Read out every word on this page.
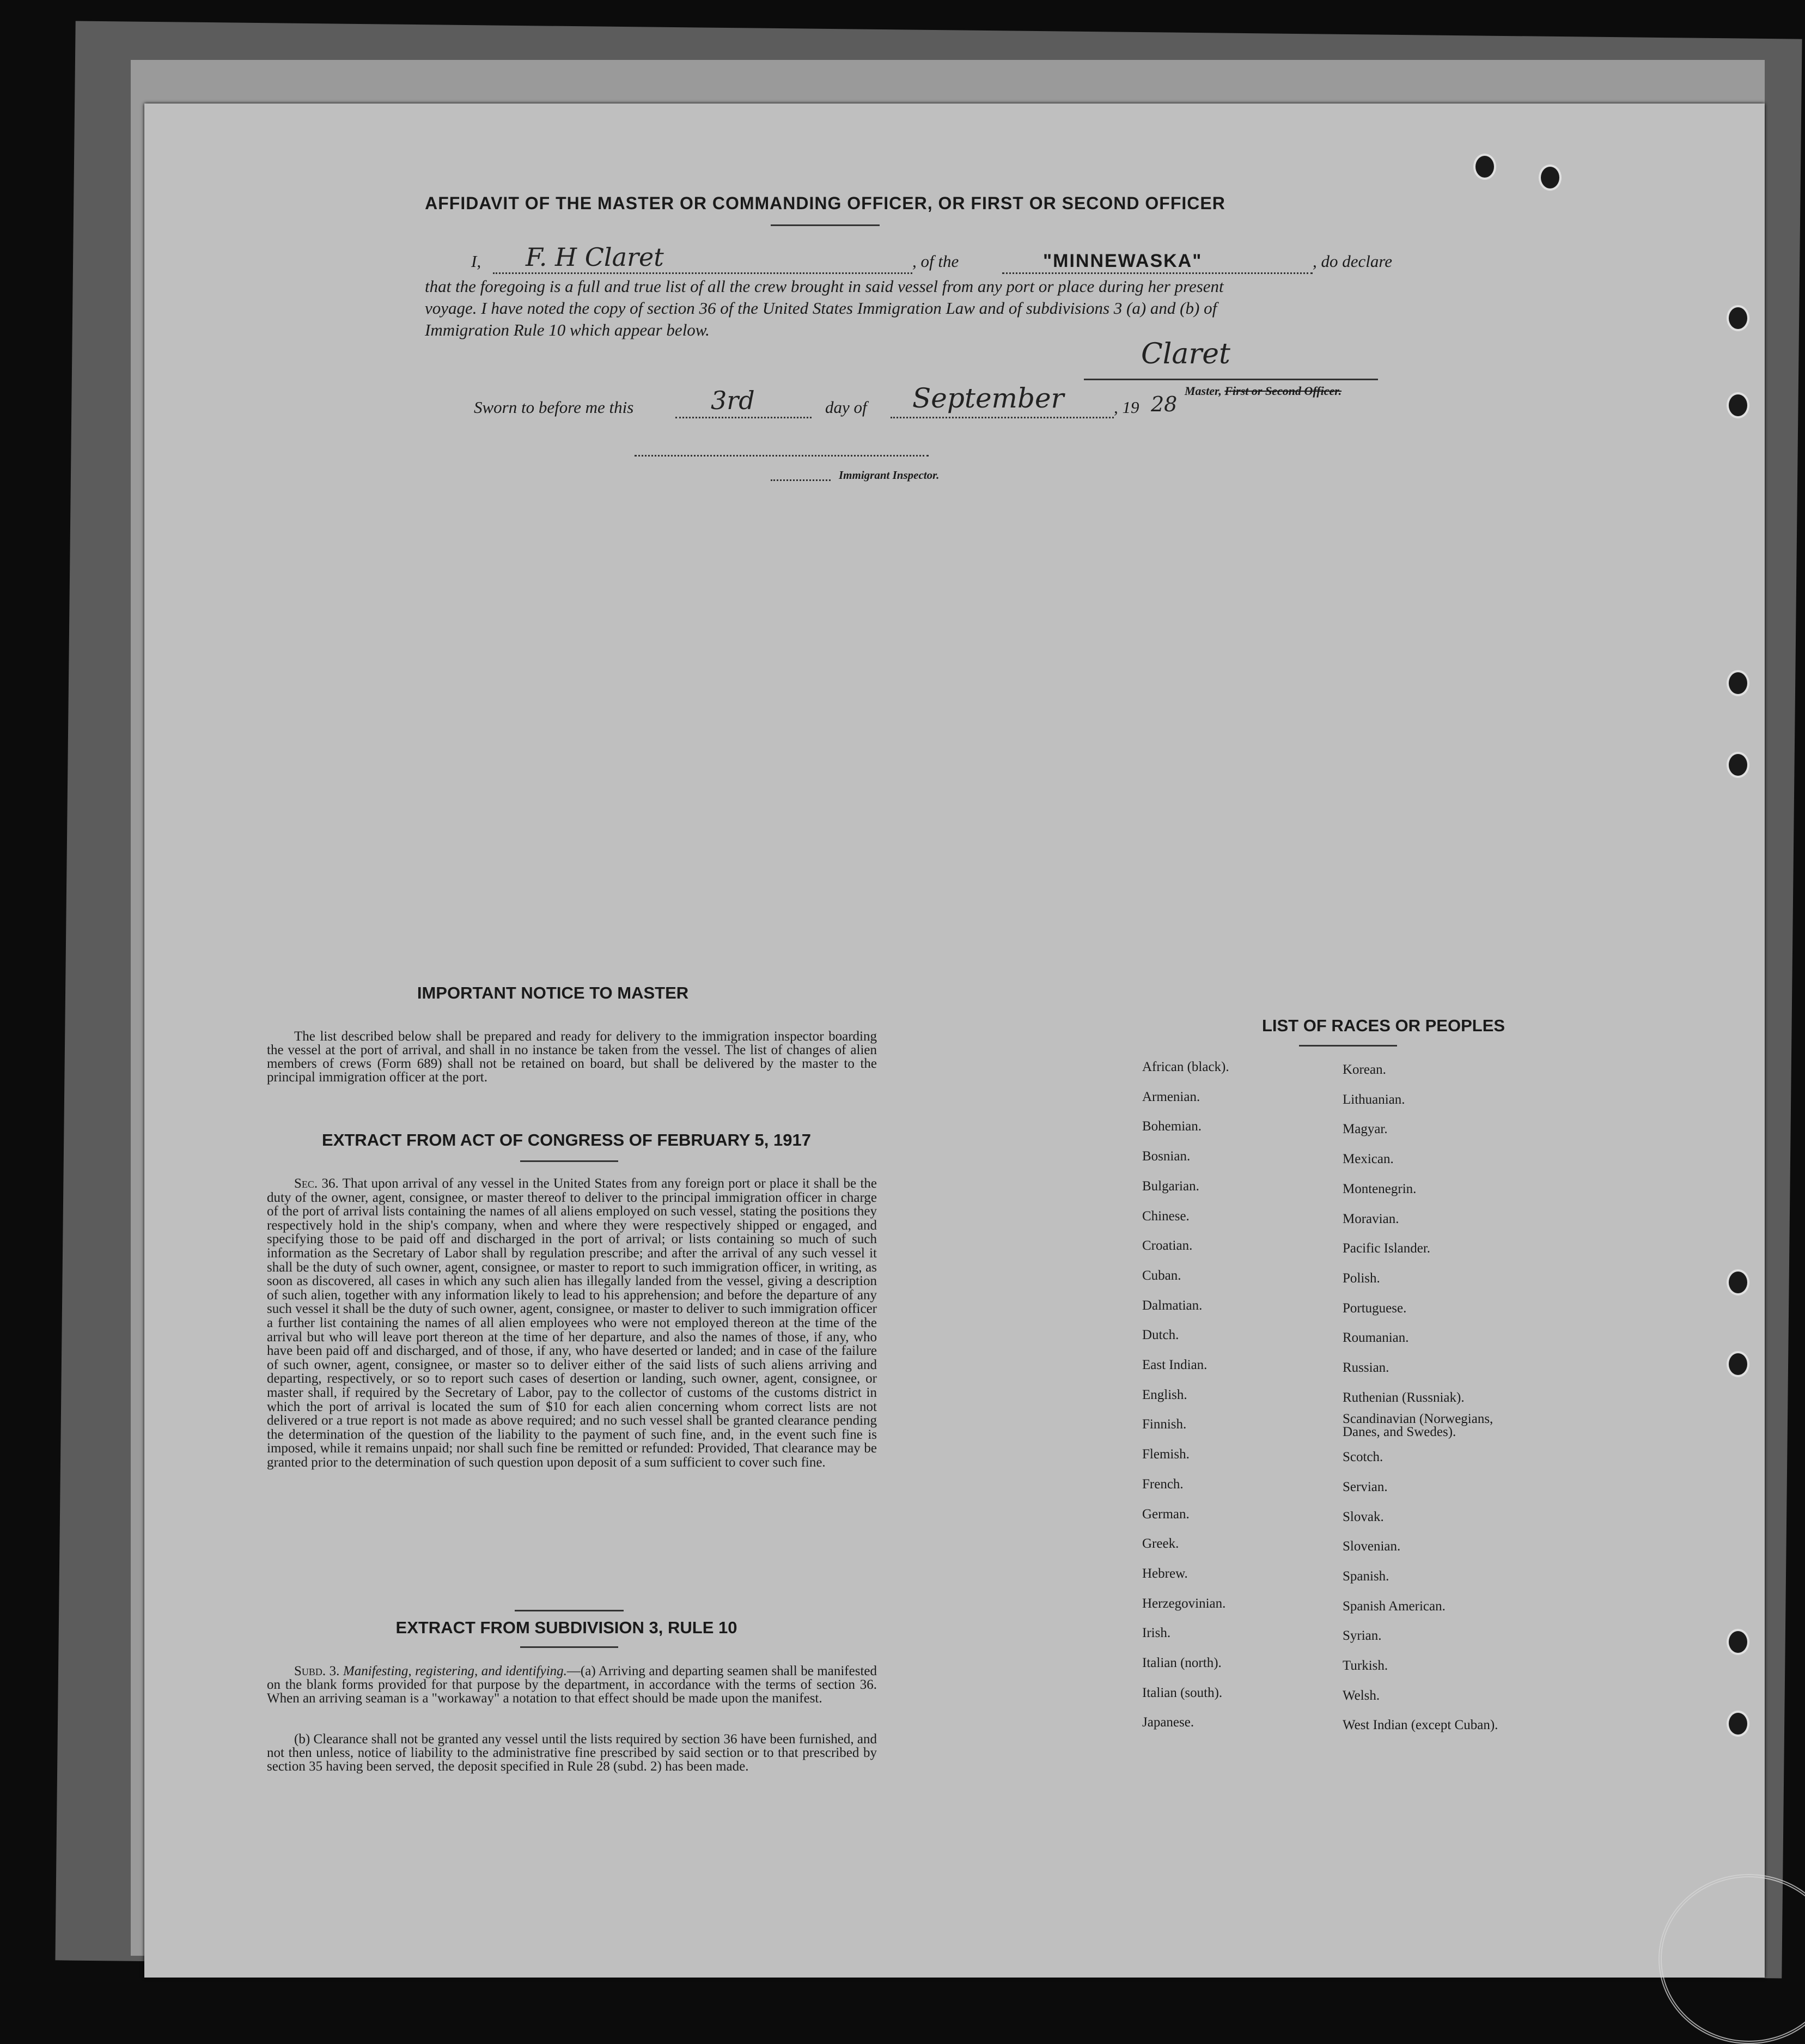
AFFIDAVIT OF THE MASTER OR COMMANDING OFFICER, OR FIRST OR SECOND OFFICER
I, F. H Claret	, of the	"MINNEWASKA"	, do declare
that the foregoing is a full and true list of all the crew brought in said vessel from any port or place during her present
voyage. I have noted the copy of section 36 of the United States Immigration Law and of subdivisions 3 (a) and (b) of
Immigration Rule 10 which appear below.
Claret
Master, First or Second Officer.
Sworn to before me this	3rd	day of September	, 19 28
Immigrant Inspector.
IMPORTANT NOTICE TO MASTER
The list described below shall be prepared and ready for delivery to the immigration inspector boarding the vessel at the port of arrival, and shall in no instance be taken from the vessel. The list of changes of alien members of crews (Form 689) shall not be retained on board, but shall be delivered by the master to the principal immigration officer at the port.
EXTRACT FROM ACT OF CONGRESS OF FEBRUARY 5, 1917
Sec. 36. That upon arrival of any vessel in the United States from any foreign port or place it shall be the duty of the owner, agent, consignee, or master thereof to deliver to the principal immigration officer in charge of the port of arrival lists containing the names of all aliens employed on such vessel, stating the positions they respectively hold in the ship's company, when and where they were respectively shipped or engaged, and specifying those to be paid off and discharged in the port of arrival; or lists containing so much of such information as the Secretary of Labor shall by regulation prescribe; and after the arrival of any such vessel it shall be the duty of such owner, agent, consignee, or master to report to such immigration officer, in writing, as soon as discovered, all cases in which any such alien has illegally landed from the vessel, giving a description of such alien, together with any information likely to lead to his apprehension; and before the departure of any such vessel it shall be the duty of such owner, agent, consignee, or master to deliver to such immigration officer a further list containing the names of all alien employees who were not employed thereon at the time of the arrival but who will leave port thereon at the time of her departure, and also the names of those, if any, who have been paid off and discharged, and of those, if any, who have deserted or landed; and in case of the failure of such owner, agent, consignee, or master so to deliver either of the said lists of such aliens arriving and departing, respectively, or so to report such cases of desertion or landing, such owner, agent, consignee, or master shall, if required by the Secretary of Labor, pay to the collector of customs of the customs district in which the port of arrival is located the sum of $10 for each alien concerning whom correct lists are not delivered or a true report is not made as above required; and no such vessel shall be granted clearance pending the determination of the question of the liability to the payment of such fine, and, in the event such fine is imposed, while it remains unpaid; nor shall such fine be remitted or refunded: Provided, That clearance may be granted prior to the determination of such question upon deposit of a sum sufficient to cover such fine.
EXTRACT FROM SUBDIVISION 3, RULE 10
Subd. 3. Manifesting, registering, and identifying.—(a) Arriving and departing seamen shall be manifested on the blank forms provided for that purpose by the department, in accordance with the terms of section 36. When an arriving seaman is a "workaway" a notation to that effect should be made upon the manifest.
(b) Clearance shall not be granted any vessel until the lists required by section 36 have been furnished, and not then unless, notice of liability to the administrative fine prescribed by said section or to that prescribed by section 35 having been served, the deposit specified in Rule 28 (subd. 2) has been made.
LIST OF RACES OR PEOPLES
African (black).
Armenian.
Bohemian.
Bosnian.
Bulgarian.
Chinese.
Croatian.
Cuban.
Dalmatian.
Dutch.
East Indian.
English.
Finnish.
Flemish.
French.
German.
Greek.
Hebrew.
Herzegovinian.
Irish.
Italian (north).
Italian (south).
Japanese.
Korean.
Lithuanian.
Magyar.
Mexican.
Montenegrin.
Moravian.
Pacific Islander.
Polish.
Portuguese.
Roumanian.
Russian.
Ruthenian (Russniak).
Scandinavian (Norwegians, Danes, and Swedes).
Scotch.
Servian.
Slovak.
Slovenian.
Spanish.
Spanish American.
Syrian.
Turkish.
Welsh.
West Indian (except Cuban).
